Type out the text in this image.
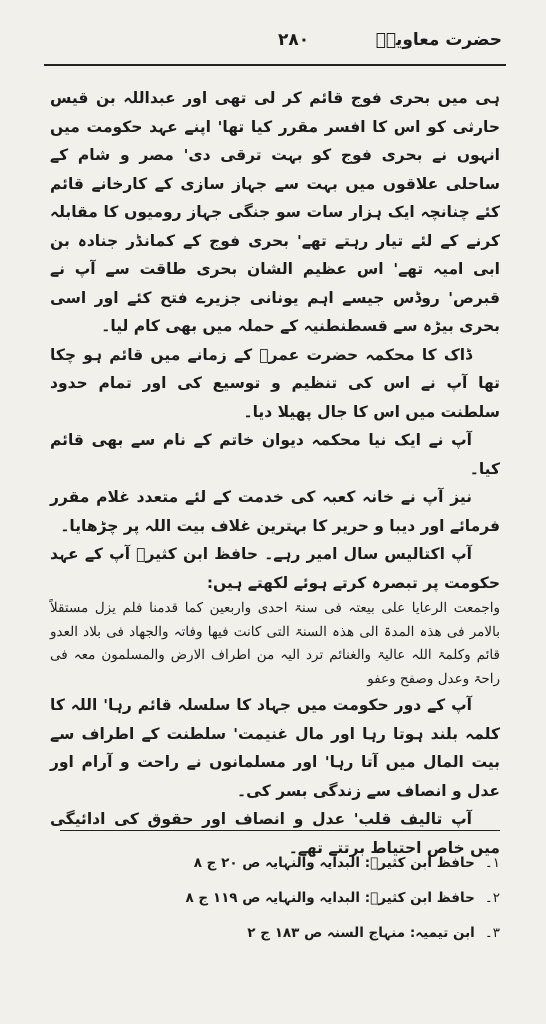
حضرت معاویہؓ
۲۸۰

ہی میں بحری فوج قائم کر لی تھی اور عبداللہ بن قیس حارثی کو اس کا افسر مقرر کیا تھا' اپنے عہد حکومت میں انہوں نے بحری فوج کو بہت ترقی دی' مصر و شام کے ساحلی علاقوں میں بہت سے جہاز سازی کے کارخانے قائم کئے چنانچہ ایک ہزار سات سو جنگی جہاز رومیوں کا مقابلہ کرنے کے لئے تیار رہتے تھے' بحری فوج کے کمانڈر جنادہ بن ابی امیہ تھے' اس عظیم الشان بحری طاقت سے آپ نے قبرص' روڈس جیسے اہم یونانی جزیرے فتح کئے اور اسی بحری بیڑہ سے قسطنطنیہ کے حملہ میں بھی کام لیا۔

ڈاک کا محکمہ حضرت عمرؓ کے زمانے میں قائم ہو چکا تھا آپ نے اس کی تنظیم و توسیع کی اور تمام حدود سلطنت میں اس کا جال پھیلا دیا۔

آپ نے ایک نیا محکمہ دیوان خاتم کے نام سے بھی قائم کیا۔

نیز آپ نے خانہ کعبہ کی خدمت کے لئے متعدد غلام مقرر فرمائے اور دیبا و حریر کا بہترین غلاف بیت اللہ پر چڑھایا۔

آپ اکتالیس سال امیر رہے۔ حافظ ابن کثیرؒ آپ کے عہد حکومت پر تبصرہ کرتے ہوئے لکھتے ہیں:

واجمعت الرعایا علی بیعتہ فی سنۃ احدی واربعین کما قدمنا فلم یزل مستقلاً بالامر فی ھذہ المدۃ الی ھذہ السنۃ التی کانت فیھا وفاتہ والجھاد فی بلاد العدو قائم وکلمۃ اللہ عالیۃ والغنائم ترد الیہ من اطراف الارض والمسلمون معہ فی راحۃ وعدل وصفح وعفو

آپ کے دور حکومت میں جہاد کا سلسلہ قائم رہا' اللہ کا کلمہ بلند ہوتا رہا اور مال غنیمت' سلطنت کے اطراف سے بیت المال میں آتا رہا' اور مسلمانوں نے راحت و آرام اور عدل و انصاف سے زندگی بسر کی۔

آپ تالیف قلب' عدل و انصاف اور حقوق کی ادائیگی میں خاص احتیاط برتتے تھے۔

۱۔حافظ ابن کثیرؒ: البدایہ والنہایہ ص ۲۰ ج ۸
۲۔حافظ ابن کثیرؒ: البدایہ والنہایہ ص ۱۱۹ ج ۸
۳۔ابن تیمیہ: منہاج السنہ ص ۱۸۳ ج ۲
